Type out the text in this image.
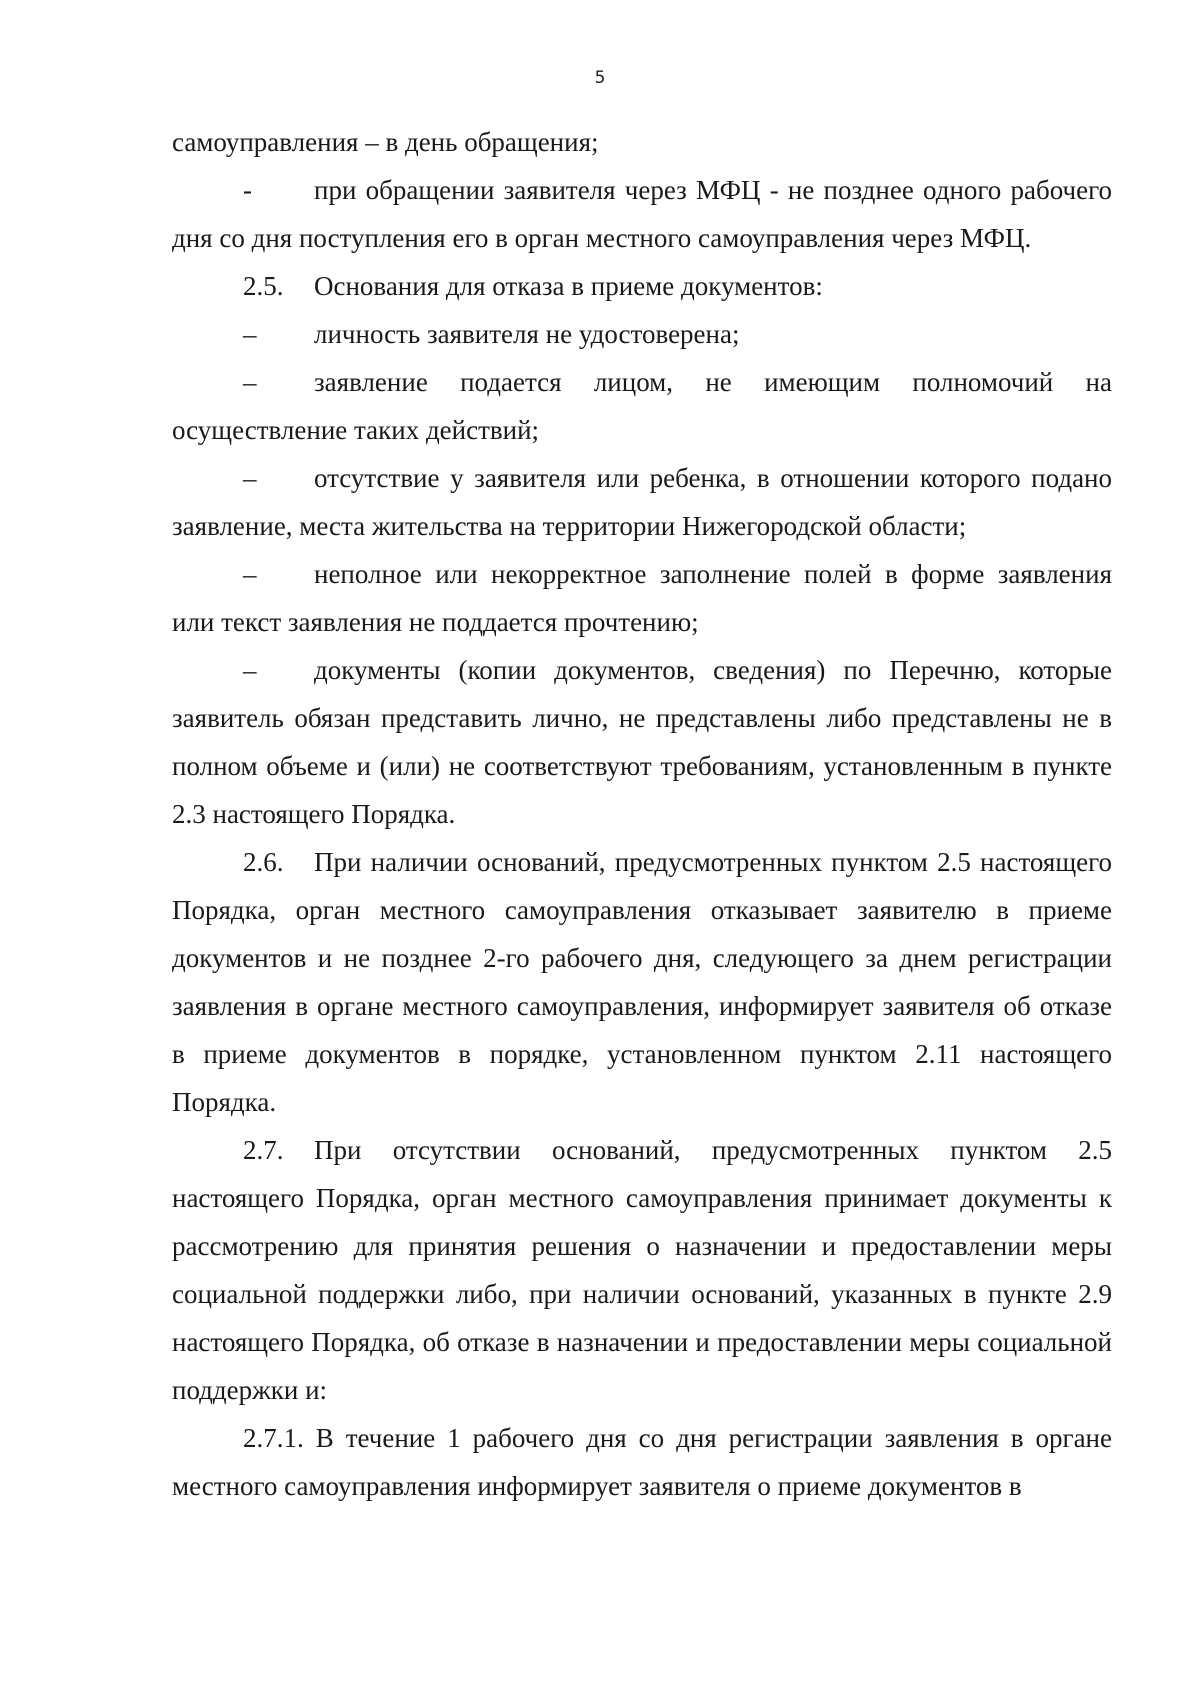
5

самоуправления – в день обращения;

- при обращении заявителя через МФЦ - не позднее одного рабочего дня со дня поступления его в орган местного самоуправления через МФЦ.

2.5. Основания для отказа в приеме документов:

– личность заявителя не удостоверена;

– заявление подается лицом, не имеющим полномочий на осуществление таких действий;

– отсутствие у заявителя или ребенка, в отношении которого подано заявление, места жительства на территории Нижегородской области;

– неполное или некорректное заполнение полей в форме заявления или текст заявления не поддается прочтению;

– документы (копии документов, сведения) по Перечню, которые заявитель обязан представить лично, не представлены либо представлены не в полном объеме и (или) не соответствуют требованиям, установленным в пункте 2.3 настоящего Порядка.

2.6. При наличии оснований, предусмотренных пунктом 2.5 настоящего Порядка, орган местного самоуправления отказывает заявителю в приеме документов и не позднее 2-го рабочего дня, следующего за днем регистрации заявления в органе местного самоуправления, информирует заявителя об отказе в приеме документов в порядке, установленном пунктом 2.11 настоящего Порядка.

2.7. При отсутствии оснований, предусмотренных пунктом 2.5 настоящего Порядка, орган местного самоуправления принимает документы к рассмотрению для принятия решения о назначении и предоставлении меры социальной поддержки либо, при наличии оснований, указанных в пункте 2.9 настоящего Порядка, об отказе в назначении и предоставлении меры социальной поддержки и:

2.7.1. В течение 1 рабочего дня со дня регистрации заявления в органе местного самоуправления информирует заявителя о приеме документов в
